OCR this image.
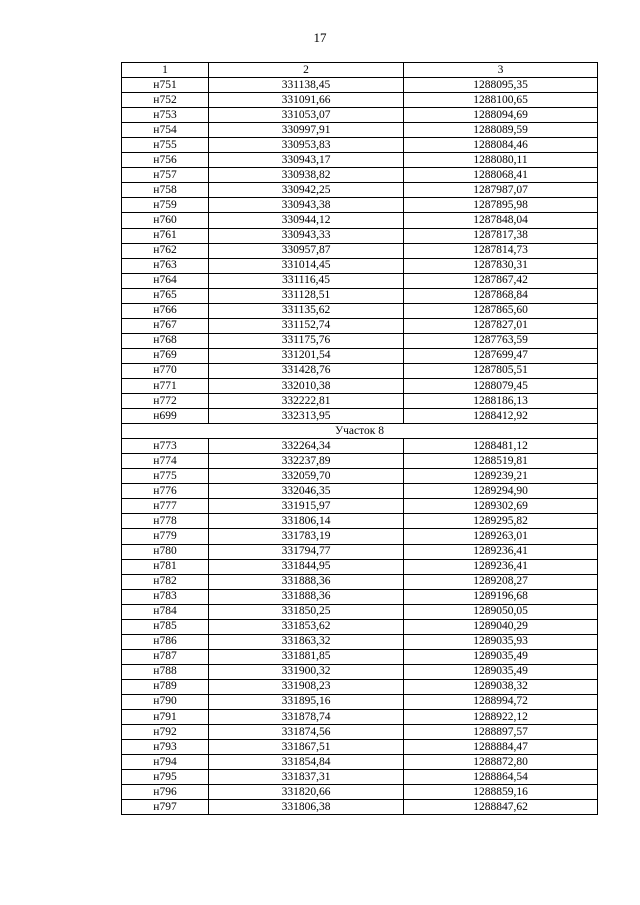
17
1	2	3
н751	331138,45	1288095,35
н752	331091,66	1288100,65
н753	331053,07	1288094,69
н754	330997,91	1288089,59
н755	330953,83	1288084,46
н756	330943,17	1288080,11
н757	330938,82	1288068,41
н758	330942,25	1287987,07
н759	330943,38	1287895,98
н760	330944,12	1287848,04
н761	330943,33	1287817,38
н762	330957,87	1287814,73
н763	331014,45	1287830,31
н764	331116,45	1287867,42
н765	331128,51	1287868,84
н766	331135,62	1287865,60
н767	331152,74	1287827,01
н768	331175,76	1287763,59
н769	331201,54	1287699,47
н770	331428,76	1287805,51
н771	332010,38	1288079,45
н772	332222,81	1288186,13
н699	332313,95	1288412,92
Участок 8		
н773	332264,34	1288481,12
н774	332237,89	1288519,81
н775	332059,70	1289239,21
н776	332046,35	1289294,90
н777	331915,97	1289302,69
н778	331806,14	1289295,82
н779	331783,19	1289263,01
н780	331794,77	1289236,41
н781	331844,95	1289236,41
н782	331888,36	1289208,27
н783	331888,36	1289196,68
н784	331850,25	1289050,05
н785	331853,62	1289040,29
н786	331863,32	1289035,93
н787	331881,85	1289035,49
н788	331900,32	1289035,49
н789	331908,23	1289038,32
н790	331895,16	1288994,72
н791	331878,74	1288922,12
н792	331874,56	1288897,57
н793	331867,51	1288884,47
н794	331854,84	1288872,80
н795	331837,31	1288864,54
н796	331820,66	1288859,16
н797	331806,38	1288847,62
